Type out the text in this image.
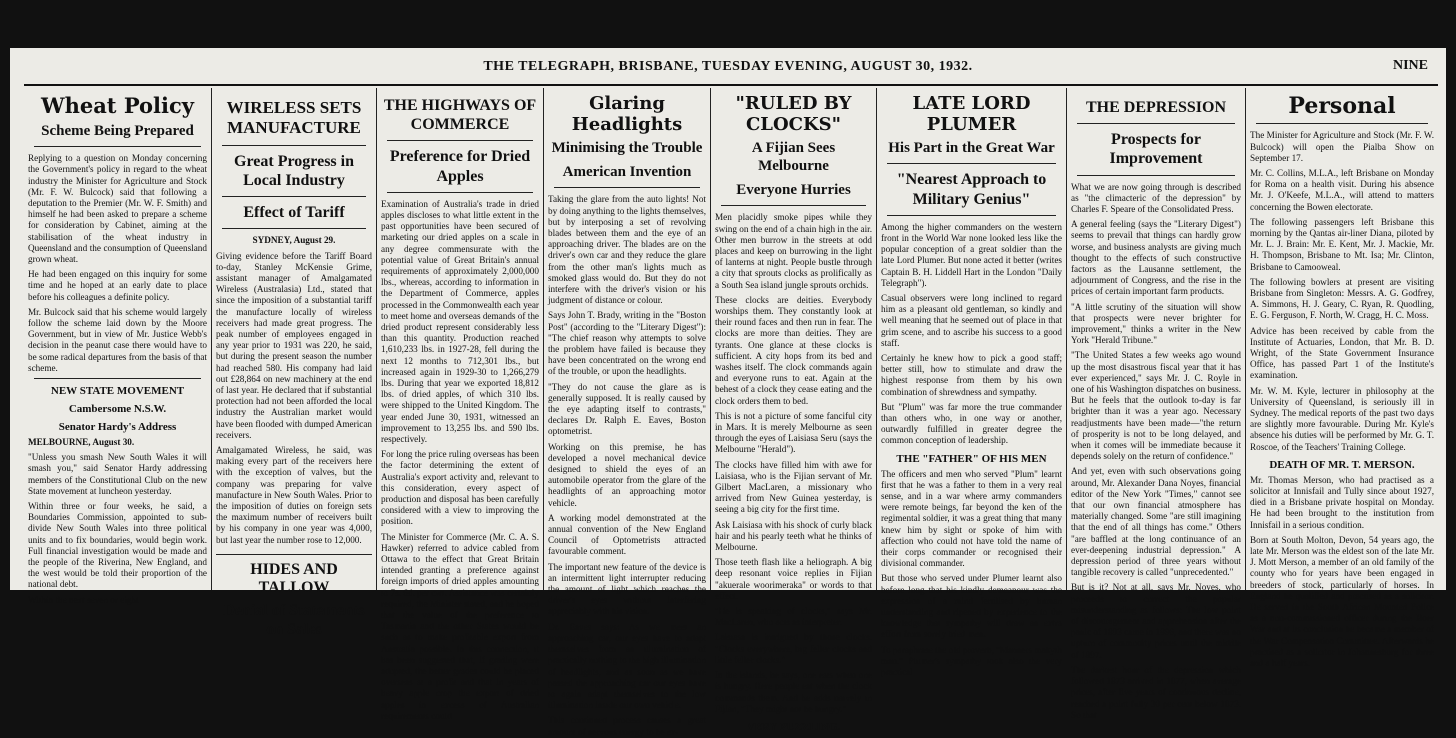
THE TELEGRAPH, BRISBANE, TUESDAY EVENING, AUGUST 30, 1932.	NINE
Wheat Policy
Scheme Being Prepared

Replying to a question on Monday concerning the Government's policy in regard to the wheat industry the Minister for Agriculture and Stock (Mr. F. W. Bulcock) said that following a deputation to the Premier (Mr. W. F. Smith) and himself he had been asked to prepare a scheme for consideration by Cabinet, aiming at the stabilisation of the wheat industry in Queensland and the consumption of Queensland grown wheat.

He had been engaged on this inquiry for some time and he hoped at an early date to place before his colleagues a definite policy.

Mr. Bulcock said that his scheme would largely follow the scheme laid down by the Moore Government, but in view of Mr. Justice Webb's decision in the peanut case there would have to be some radical departures from the basis of that scheme.

NEW STATE MOVEMENT
Cambersome N.S.W.
Senator Hardy's Address

MELBOURNE, August 30.

"Unless you smash New South Wales it will smash you," said Senator Hardy addressing members of the Constitutional Club on the new State movement at luncheon yesterday.

Within three or four weeks, he said, a Boundaries Commission, appointed to sub-divide New South Wales into three political units and to fix boundaries, would begin work. Full financial investigation would be made and the people of the Riverina, New England, and the west would be told their proportion of the national debt.

Within the next seven or eight

WIRELESS SETS MANUFACTURE
Great Progress in Local Industry
Effect of Tariff

SYDNEY, August 29.

Giving evidence before the Tariff Board to-day, Stanley McKensie Grime, assistant manager of Amalgamated Wireless (Australasia) Ltd., stated that since the imposition of a substantial tariff the manufacture locally of wireless receivers had made great progress. The peak number of employees engaged in any year prior to 1931 was 220, he said, but during the present season the number had reached 580. His company had laid out £28,864 on new machinery at the end of last year. He declared that if substantial protection had not been afforded the local industry the Australian market would have been flooded with dumped American receivers.

Amalgamated Wireless, he said, was making every part of the receivers here with the exception of valves, but the company was preparing for valve manufacture in New South Wales. Prior to the imposition of duties on foreign sets the maximum number of receivers built by his company in one year was 4,000, but last year the number rose to 12,000.

HIDES AND TALLOW
Denial of Statements on Sales
THE HIGHWAYS OF COMMERCE
Preference for Dried Apples

Examination of Australia's trade in dried apples discloses to what little extent in the past opportunities have been secured of marketing our dried apples on a scale in any degree commensurate with the potential value of Great Britain's annual requirements of approximately 2,000,000 lbs., whereas, according to information in the Department of Commerce, apples processed in the Commonwealth each year to meet home and overseas demands of the dried product represent considerably less than this quantity. Production reached 1,610,233 lbs. in 1927-28, fell during the next 12 months to 712,301 lbs., but increased again in 1929-30 to 1,266,279 lbs. During that year we exported 18,812 lbs. of dried apples, of which 310 lbs. were shipped to the United Kingdom. The year ended June 30, 1931, witnessed an improvement to 13,255 lbs. and 590 lbs. respectively.

For long the price ruling overseas has been the factor determining the extent of Australia's export activity and, relevant to this consideration, every aspect of production and disposal has been carefully considered with a view to improving the position.

The Minister for Commerce (Mr. C. A. S. Hawker) referred to advice cabled from Ottawa to the effect that Great Britain intended granting a preference against foreign imports of dried apples amounting to 7s. 6d. per cwt. Assistance was certainly required, the Minister stated, and he hoped that the value of the preference to Tasmania and the other States would be such as to make profitable export from Australia possible. In this connection, it has been suggested that, if grading were adopted, the better grades could be placed overseas at a profit and that in years of heavy apple crop the export of dried apples in excess of Australian requirements could

Glaring Headlights
Minimising the Trouble
American Invention

Taking the glare from the auto lights! Not by doing anything to the lights themselves, but by interposing a set of revolving blades between them and the eye of an approaching driver. The blades are on the driver's own car and they reduce the glare from the other man's lights much as smoked glass would do. But they do not interfere with the driver's vision or his judgment of distance or colour.

Says John T. Brady, writing in the "Boston Post" (according to the "Literary Digest"): "The chief reason why attempts to solve the problem have failed is because they have been concentrated on the wrong end of the trouble, or upon the headlights.

"They do not cause the glare as is generally supposed. It is really caused by the eye adapting itself to contrasts," declares Dr. Ralph E. Eaves, Boston optometrist.

Working on this premise, he has developed a novel mechanical device designed to shield the eyes of an automobile operator from the glare of the headlights of an approaching motor vehicle.

A working model demonstrated at the annual convention of the New England Council of Optometrists attracted favourable comment.

The important new feature of the device is an intermittent light interrupter reducing the amount of light which reaches the driver's eyes without interfering appreciably with his vision.

Dr. Eaves says: As we meet an approaching car, our eyes have to adapt themselves from an illumination of practically nothing to the high illumination of headlights, and as soon as we have passed the approaching car our eyes have to again adapt themselves to the low illumination inside our own vehicle.

This continued process causes a great amount of nervous energy to be ex-

"RULED BY CLOCKS"
A Fijian Sees Melbourne
Everyone Hurries

Men placidly smoke pipes while they swing on the end of a chain high in the air. Other men burrow in the streets at odd places and keep on burrowing in the light of lanterns at night. People bustle through a city that sprouts clocks as prolifically as a South Sea island jungle sprouts orchids.

These clocks are deities. Everybody worships them. They constantly look at their round faces and then run in fear. The clocks are more than deities. They are tyrants. One glance at these clocks is sufficient. A city hops from its bed and washes itself. The clock commands again and everyone runs to eat. Again at the behest of a clock they cease eating and the clock orders them to bed.

This is not a picture of some fanciful city in Mars. It is merely Melbourne as seen through the eyes of Laisiasa Seru (says the Melbourne "Herald").

The clocks have filled him with awe for Laisiasa, who is the Fijian servant of Mr. Gilbert MacLaren, a missionary who arrived from New Guinea yesterday, is seeing a big city for the first time.

Ask Laisiasa with his shock of curly black hair and his pearly teeth what he thinks of Melbourne.

Those teeth flash like a heliograph. A big deep resonant voice replies in Fijian "akuerale woorimeraka" or words to that effect.

"He is speaking of clocks," says Mr. MacLaren, who acts as interpreter.

Laisiasa is intrigued by those clocks. "Clocks everywhere, big feller clocks and little feller clocks."

In the islands, he says, one eats when one is hungry. Here people eat when the clock commands them. And he adds naively in Fijian, "They might not be hungry."

VERY PUZZLING.
LATE LORD PLUMER
His Part in the Great War
"Nearest Approach to Military Genius"

Among the higher commanders on the western front in the World War none looked less like the popular conception of a great soldier than the late Lord Plumer. But none acted it better (writes Captain B. H. Liddell Hart in the London "Daily Telegraph").

Casual observers were long inclined to regard him as a pleasant old gentleman, so kindly and well meaning that he seemed out of place in that grim scene, and to ascribe his success to a good staff.

Certainly he knew how to pick a good staff; better still, how to stimulate and draw the highest response from them by his own combination of shrewdness and sympathy.

But "Plum" was far more the true commander than others who, in one way or another, outwardly fulfilled in greater degree the common conception of leadership.

THE "FATHER" OF HIS MEN

The officers and men who served "Plum" learnt first that he was a father to them in a very real sense, and in a war where army commanders were remote beings, far beyond the ken of the regimental soldier, it was a great thing that many knew him by sight or spoke of him with affection who could not have told the name of their corps commander or recognised their divisional commander.

But those who served under Plumer learnt also before long that his kindly demeanour was the expression of a mind fertilised by human understanding and ripened by experience to the knowledge that sympathy will draw an extra effort from sorely tried men.

To paraphrase the old proverb, "Manners makyth man." Plumer's sympathy took also the very practical

THE DEPRESSION
Prospects for Improvement

What we are now going through is described as "the climacteric of the depression" by Charles F. Speare of the Consolidated Press.

A general feeling (says the "Literary Digest") seems to prevail that things can hardly grow worse, and business analysts are giving much thought to the effects of such constructive factors as the Lausanne settlement, the adjournment of Congress, and the rise in the prices of certain important farm products.

"A little scrutiny of the situation will show that prospects were never brighter for improvement," thinks a writer in the New York "Herald Tribune."

"The United States a few weeks ago wound up the most disastrous fiscal year that it has ever experienced," says Mr. J. C. Royle in one of his Washington dispatches on business. But he feels that the outlook to-day is far brighter than it was a year ago. Necessary readjustments have been made—"the return of prosperity is not to be long delayed, and when it comes will be immediate because it depends solely on the return of confidence."

And yet, even with such observations going around, Mr. Alexander Dana Noyes, financial editor of the New York "Times," cannot see that our own financial atmosphere has materially changed. Some "are still imagining that the end of all things has come." Others "are baffled at the long continuance of an ever-deepening industrial depression." A depression period of three years without tangible recovery is called "unprecedented."

But is it? Not at all, says Mr. Noyes, who proceeds to correct the popular misunderstanding as follows: The low point of discouragement and apprehension after the panic of 1893 came in 1896, and there was no upturn of commodity prices until the middle of 1897.

The darkest hour of the depression which followed 1873 arrived in 1877, when average prices, after five years of continuous decline, reached a point fully 30 per cent below 1873. So that

Personal

The Minister for Agriculture and Stock (Mr. F. W. Bulcock) will open the Pialba Show on September 17.

Mr. C. Collins, M.L.A., left Brisbane on Monday for Roma on a health visit. During his absence Mr. J. O'Keefe, M.L.A., will attend to matters concerning the Bowen electorate.

The following passengers left Brisbane this morning by the Qantas air-liner Diana, piloted by Mr. L. J. Brain: Mr. E. Kent, Mr. J. Mackie, Mr. H. Thompson, Brisbane to Mt. Isa; Mr. Clinton, Brisbane to Camooweal.

The following bowlers at present are visiting Brisbane from Singleton: Messrs. A. G. Godfrey, A. Simmons, H. J. Geary, C. Ryan, R. Quodling, E. G. Ferguson, F. North, W. Cragg, H. C. Moss.

Advice has been received by cable from the Institute of Actuaries, London, that Mr. B. D. Wright, of the State Government Insurance Office, has passed Part 1 of the Institute's examination.

Mr. W. M. Kyle, lecturer in philosophy at the University of Queensland, is seriously ill in Sydney. The medical reports of the past two days are slightly more favourable. During Mr. Kyle's absence his duties will be performed by Mr. G. T. Roscoe, of the Teachers' Training College.

DEATH OF MR. T. MERSON.

Mr. Thomas Merson, who had practised as a solicitor at Innisfail and Tully since about 1927, died in a Brisbane private hospital on Monday. He had been brought to the institution from Innisfail in a serious condition.

Born at South Molton, Devon, 54 years ago, the late Mr. Merson was the eldest son of the late Mr. J. Mott Merson, a member of an old family of the county who for years have been engaged in breeders of stock, particularly of horses. In England he qualified and practised as a solicitor. He served in the South African Mounted Police as a non-commissioned officer during the Boer War and at its conclusion he became a member of the War Compensation Committee. Afterwards he practised as a solicitor in Johannesburg for three and a half years.
